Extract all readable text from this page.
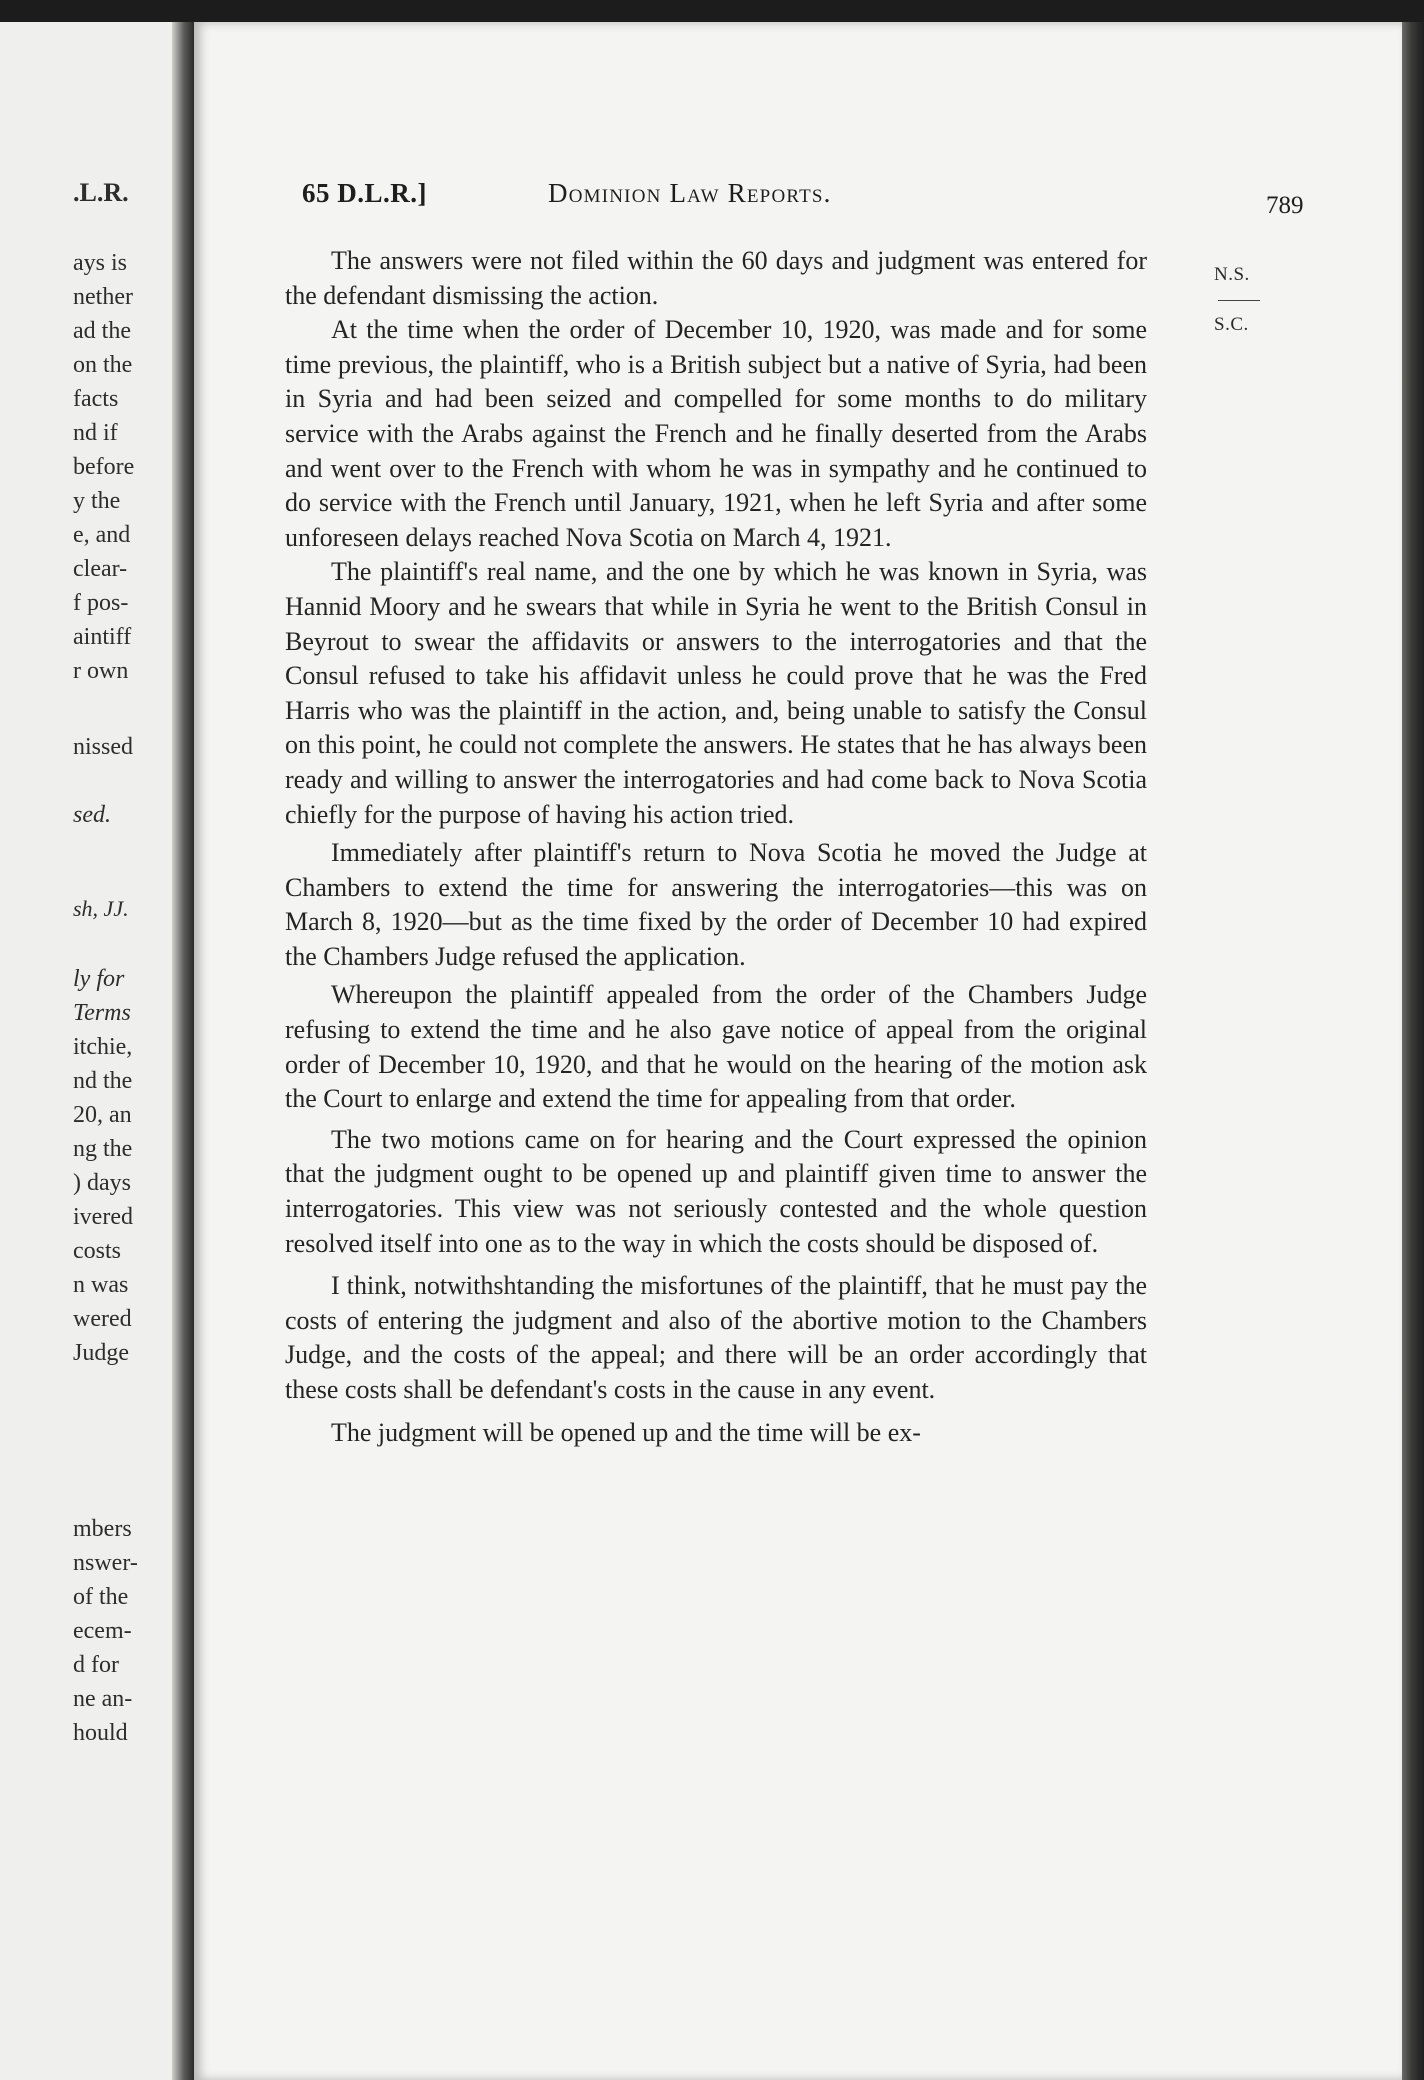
.L.R.
ays is
nether
ad the
on the
facts
nd if
before
y the
e, and
clear-
f pos-
aintiff
r own
nissed
sed.
sh, JJ.
ly for
Terms
itchie,
nd the
20, an
ng the
) days
ivered
costs
n was
wered
Judge
mbers
nswer-
of the
ecem-
d for
ne an-
hould
65 D.L.R.]	Dominion Law Reports.	789
N.S.
S.C.

The answers were not filed within the 60 days and judgment was entered for the defendant dismissing the action.

At the time when the order of December 10, 1920, was made and for some time previous, the plaintiff, who is a British subject but a native of Syria, had been in Syria and had been seized and compelled for some months to do military service with the Arabs against the French and he finally deserted from the Arabs and went over to the French with whom he was in sympathy and he continued to do service with the French until January, 1921, when he left Syria and after some unforeseen delays reached Nova Scotia on March 4, 1921.

The plaintiff's real name, and the one by which he was known in Syria, was Hannid Moory and he swears that while in Syria he went to the British Consul in Beyrout to swear the affidavits or answers to the interrogatories and that the Consul refused to take his affidavit unless he could prove that he was the Fred Harris who was the plaintiff in the action, and, being unable to satisfy the Consul on this point, he could not complete the answers. He states that he has always been ready and willing to answer the interrogatories and had come back to Nova Scotia chiefly for the purpose of having his action tried.

Immediately after plaintiff's return to Nova Scotia he moved the Judge at Chambers to extend the time for answering the interrogatories—this was on March 8, 1920—but as the time fixed by the order of December 10 had expired the Chambers Judge refused the application.

Whereupon the plaintiff appealed from the order of the Chambers Judge refusing to extend the time and he also gave notice of appeal from the original order of December 10, 1920, and that he would on the hearing of the motion ask the Court to enlarge and extend the time for appealing from that order.

The two motions came on for hearing and the Court expressed the opinion that the judgment ought to be opened up and plaintiff given time to answer the interrogatories. This view was not seriously contested and the whole question resolved itself into one as to the way in which the costs should be disposed of.

I think, notwithshtanding the misfortunes of the plaintiff, that he must pay the costs of entering the judgment and also of the abortive motion to the Chambers Judge, and the costs of the appeal; and there will be an order accordingly that these costs shall be defendant's costs in the cause in any event.

The judgment will be opened up and the time will be ex-
